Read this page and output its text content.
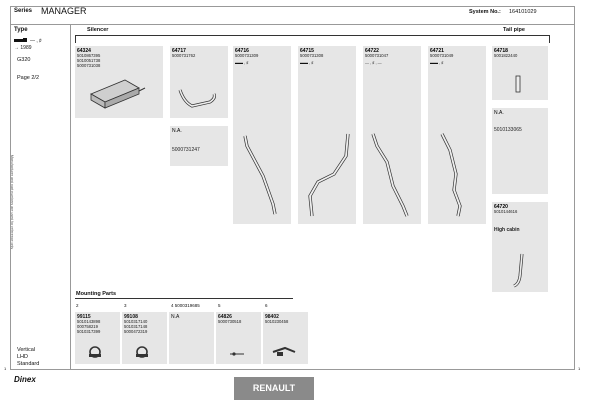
Manufacturer and part numbers are used for reference only
Series MANAGER	System No.: 164101029
Type
— , ♯
→ 1989
G320
Page 2/2
Vertical
LHD
Standard
Silencer	Tail pipe
64324
5010867395
5010051738
5000731038
64717
5000731762
N.A.
5000731247
64716
5000731309
▬▬ , ♯
64715
5000731308
▬▬ , ♯
64722
5000731047
— , ♯ , —
64721
5000731049
▬▬ , ♯
64718
5001822440
N.A.
5010133065
64720
5010144616
High cabin
Mounting Parts
2
99115
5010143898
000758219
5010317399
3
99108
5010317140
5010317148
5000472319
4 5000319685
N.A
5
64826
5000730518
6
98402
5010230458
Dinex
RENAULT
1	1
